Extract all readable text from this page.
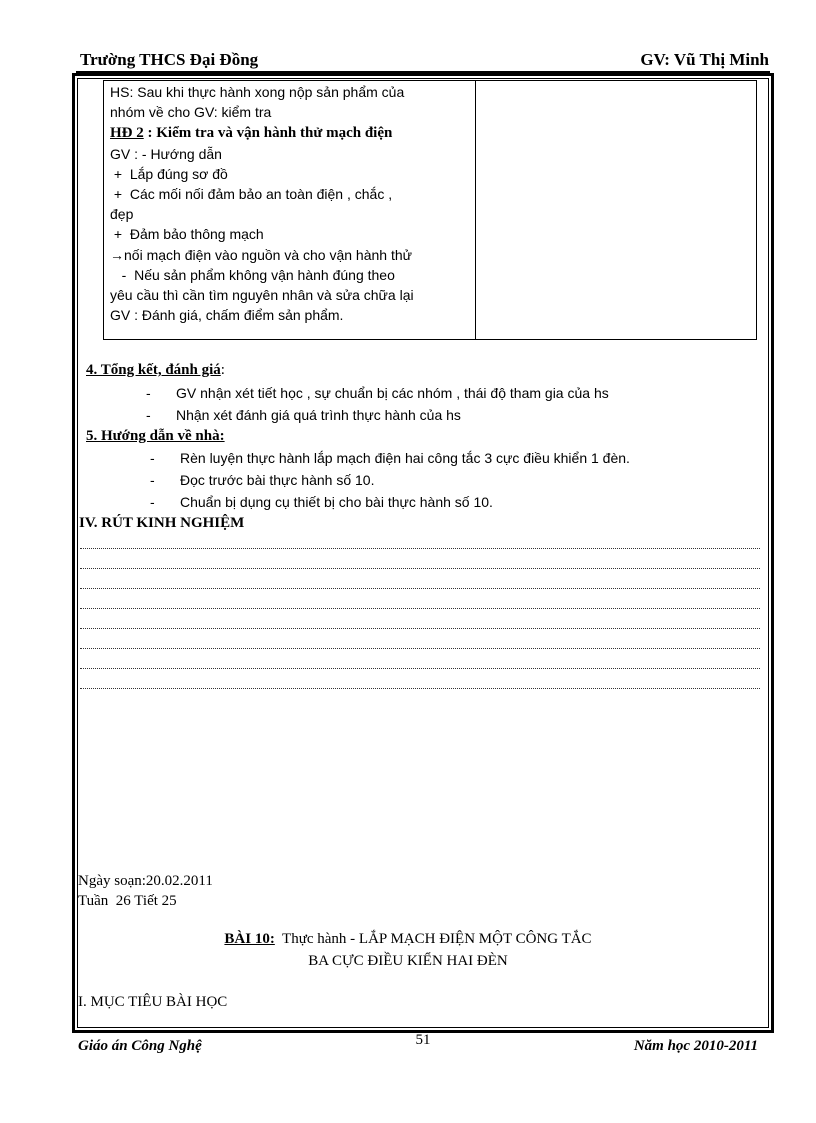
Trường THCS Đại Đồng	GV: Vũ Thị Minh
HS: Sau khi thực hành xong nộp sản phẩm của
nhóm về cho GV: kiểm tra
HĐ 2 : Kiểm tra và vận hành thử mạch điện
GV : - Hướng dẫn
+  Lắp đúng sơ đồ
+  Các mối nối đảm bảo an toàn điện , chắc ,
đẹp
+  Đảm bảo thông mạch
→nối mạch điện vào nguồn và cho vận hành thử
-  Nếu sản phẩm không vận hành đúng theo
yêu cầu thì cần tìm nguyên nhân và sửa chữa lại
GV : Đánh giá, chấm điểm sản phẩm.
4. Tổng kết, đánh giá:
- GV nhận xét tiết học , sự chuẩn bị các nhóm , thái độ tham gia của hs
- Nhận xét đánh giá quá trình thực hành của hs
5. Hướng dẫn về nhà:
- Rèn luyện thực hành lắp mạch điện hai công tắc 3 cực điều khiển 1 đèn.
- Đọc trước bài thực hành số 10.
- Chuẩn bị dụng cụ thiết bị cho bài thực hành số 10.
IV. RÚT KINH NGHIỆM
Ngày soạn:20.02.2011
Tuần  26 Tiết 25
BÀI 10:  Thực hành - LẮP MẠCH ĐIỆN MỘT CÔNG TẮC
BA CỰC ĐIỀU KIỂN HAI ĐÈN
I. MỤC TIÊU BÀI HỌC
Giáo án Công Nghệ	51	Năm học 2010-2011
